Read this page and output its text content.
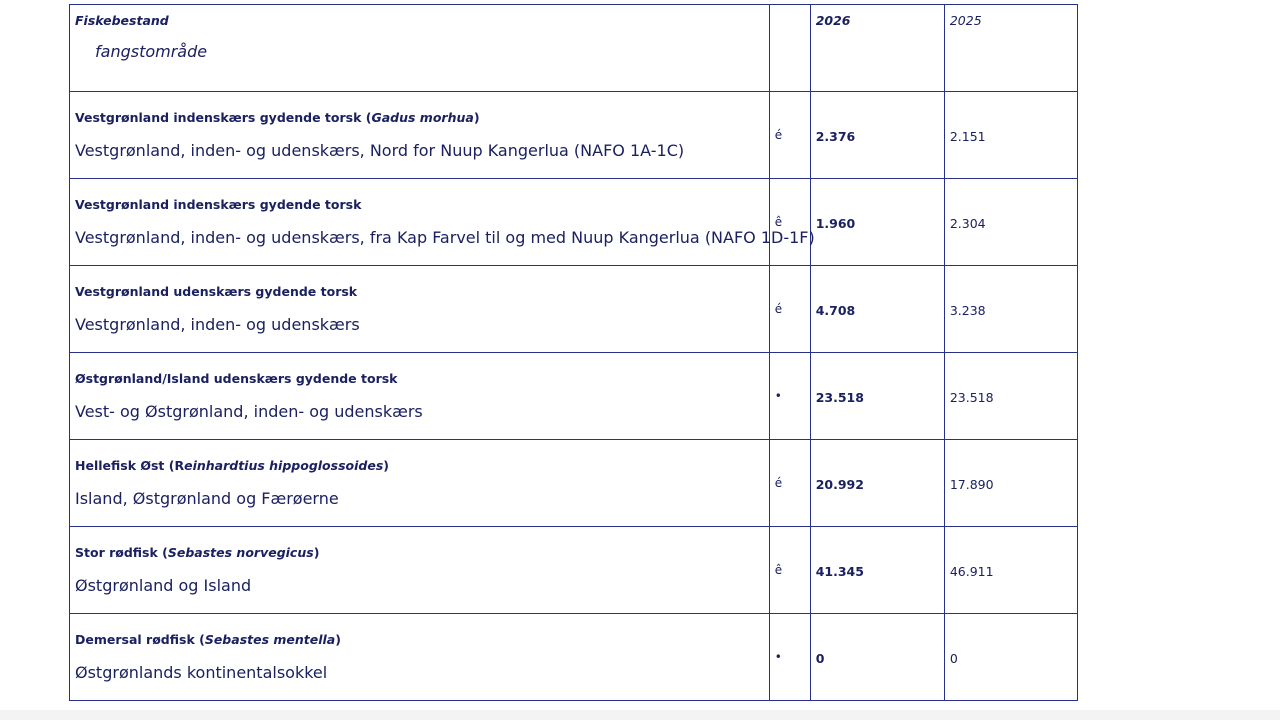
Fiskebestand
fangstområde		2026	2025

Vestgrønland indenskærs gydende torsk (Gadus morhua)
Vestgrønland, inden- og udenskærs, Nord for Nuup Kangerlua (NAFO 1A-1C)	é	2.376	2.151

Vestgrønland indenskærs gydende torsk
Vestgrønland, inden- og udenskærs, fra Kap Farvel til og med Nuup Kangerlua (NAFO 1D-1F)	ê	1.960	2.304

Vestgrønland udenskærs gydende torsk
Vestgrønland, inden- og udenskærs	é	4.708	3.238

Østgrønland/Island udenskærs gydende torsk
Vest- og Østgrønland, inden- og udenskærs	•	23.518	23.518

Hellefisk Øst (Reinhardtius hippoglossoides)
Island, Østgrønland og Færøerne	é	20.992	17.890

Stor rødfisk (Sebastes norvegicus)
Østgrønland og Island	ê	41.345	46.911

Demersal rødfisk (Sebastes mentella)
Østgrønlands kontinentalsokkel	•	0	0
